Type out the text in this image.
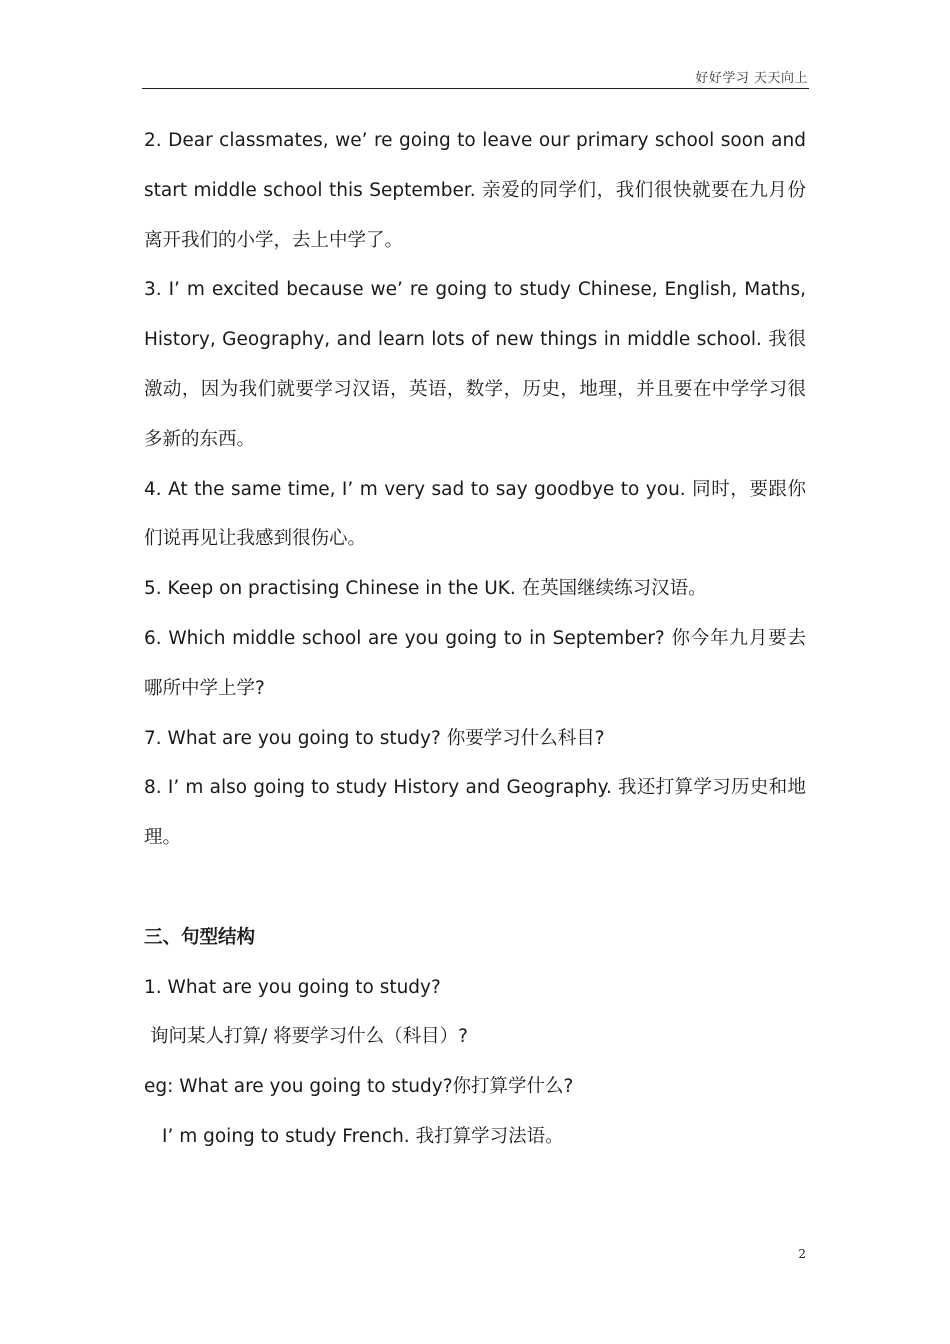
好好学习 天天向上

2. Dear classmates, we’ re going to leave our primary school soon and start middle school this September. 亲爱的同学们，我们很快就要在九月份离开我们的小学，去上中学了。

3. I’ m excited because we’ re going to study Chinese, English, Maths, History, Geography, and learn lots of new things in middle school. 我很激动，因为我们就要学习汉语，英语，数学，历史，地理，并且要在中学学习很多新的东西。

4. At the same time, I’ m very sad to say goodbye to you. 同时，要跟你们说再见让我感到很伤心。

5. Keep on practising Chinese in the UK. 在英国继续练习汉语。

6. Which middle school are you going to in September? 你今年九月要去哪所中学上学?

7. What are you going to study? 你要学习什么科目?

8. I’ m also going to study History and Geography. 我还打算学习历史和地理。

三、句型结构

1. What are you going to study?

询问某人打算/ 将要学习什么（科目）?

eg: What are you going to study?你打算学什么?

I’ m going to study French. 我打算学习法语。

2
